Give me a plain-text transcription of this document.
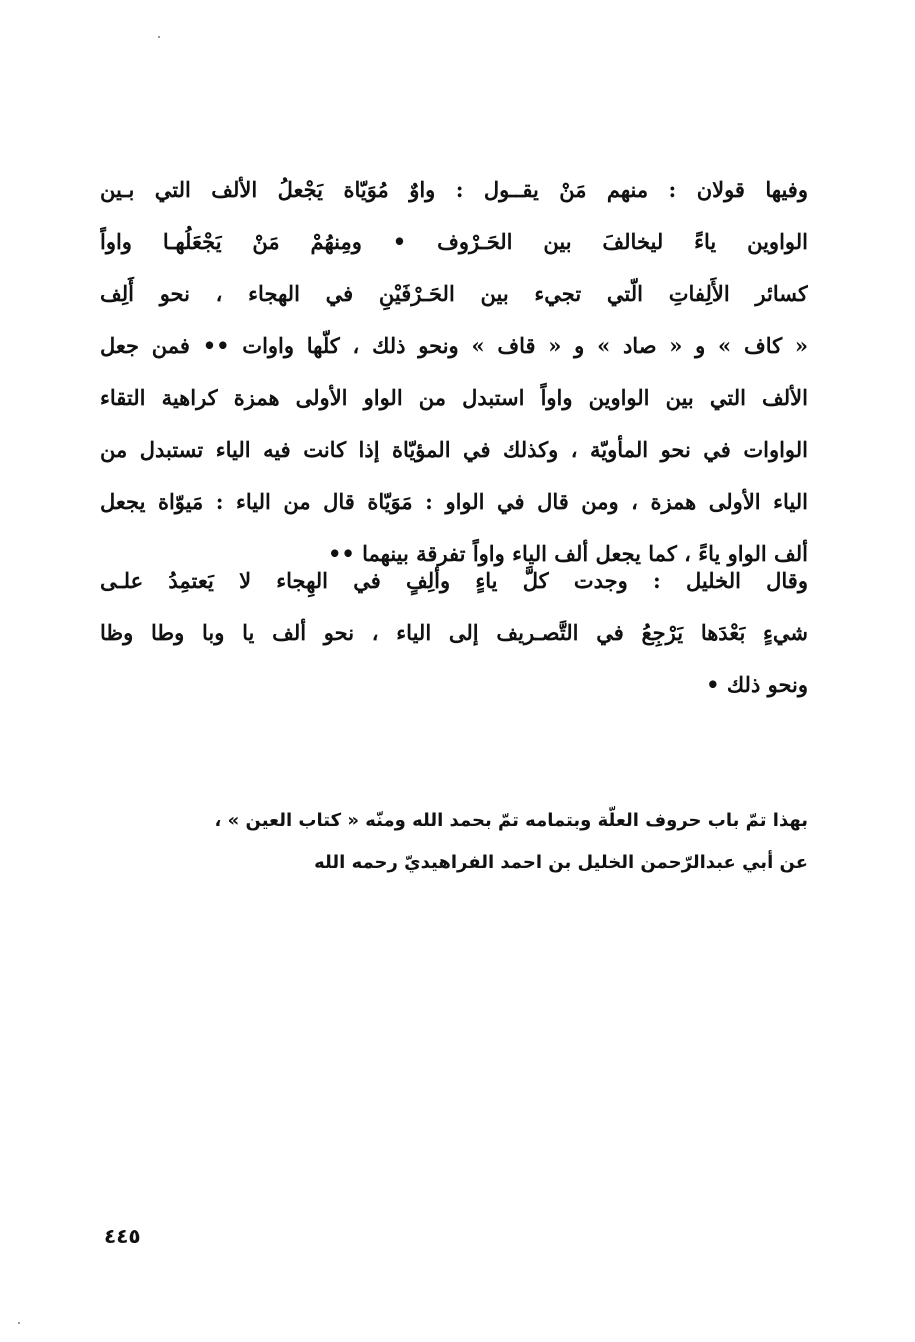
وفيها قولان : منهم مَنْ يقــول : واوٌ مُوَيّاة يَجْعلُ الألف التي بـين
الواوين ياءً ليخالفَ بين الحَـرْوف • ومِنهُمْ مَنْ يَجْعَلُهـا واواً
كسائر الأَلِفاتِ الّتي تجيء بين الحَـرْفَيْنِ في الهجاء ، نحو أَلِف
« كاف » و « صاد » و « قاف » ونحو ذلك ، كلّها واوات •• فمن جعل
الألف التي بين الواوين واواً استبدل من الواو الأولى همزة كراهية التقاء
الواوات في نحو المأويّة ، وكذلك في المؤيّاة إذا كانت فيه الياء تستبدل من
الياء الأولى همزة ، ومن قال في الواو : مَوَيّاة قال من الياء : مَيوّاة يجعل
ألف الواو ياءً ، كما يجعل ألف الياء واواً تفرقة بينهما ••
وقال الخليل : وجدت كلَّ ياءٍ وألِفٍ في الهِجاء لا يَعتمِدُ علـى
شيءٍ بَعْدَها يَرْجِعُ في التَّصـريف إلى الياء ، نحو ألف يا وبا وطا وظا
ونحو ذلك •
بهذا تمّ باب حروف العلّة وبتمامه تمّ بحمد الله ومنّه « كتاب العين » ،
عن أبي عبدالرّحمن الخليل بن احمد الفراهيديّ رحمه الله
٤٤٥
